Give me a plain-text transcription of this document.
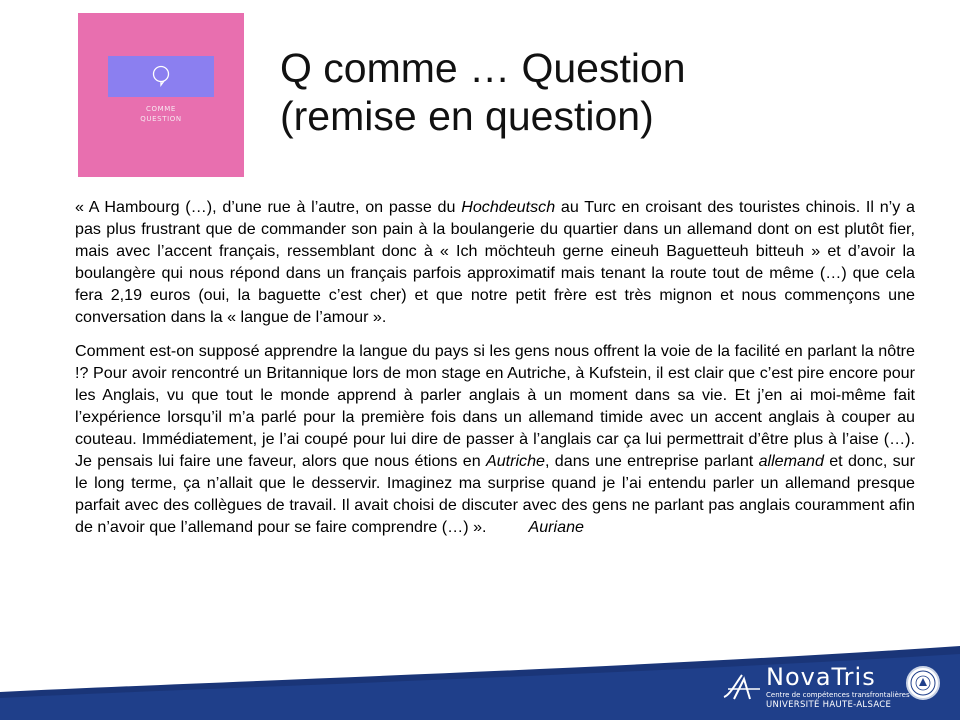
COMME
QUESTION
Q comme … Question
(remise en question)

« A Hambourg (…), d’une rue à l’autre, on passe du Hochdeutsch au Turc en croisant des touristes chinois. Il n’y a pas plus frustrant que de commander son pain à la boulangerie du quartier dans un allemand dont on est plutôt fier, mais avec l’accent français, ressemblant donc à « Ich möchteuh gerne eineuh Baguetteuh bitteuh » et d’avoir la boulangère qui nous répond dans un français parfois approximatif mais tenant la route tout de même (…) que cela fera 2,19 euros (oui, la baguette c’est cher) et que notre petit frère est très mignon et nous commençons une conversation dans la « langue de l’amour ».

Comment est-on supposé apprendre la langue du pays si les gens nous offrent la voie de la facilité en parlant la nôtre !? Pour avoir rencontré un Britannique lors de mon stage en Autriche, à Kufstein, il est clair que c’est pire encore pour les Anglais, vu que tout le monde apprend à parler anglais à un moment dans sa vie. Et j’en ai moi-même fait l’expérience lorsqu’il m’a parlé pour la première fois dans un allemand timide avec un accent anglais à couper au couteau. Immédiatement, je l’ai coupé pour lui dire de passer à l’anglais car ça lui permettrait d’être plus à l’aise (…). Je pensais lui faire une faveur, alors que nous étions en Autriche, dans une entreprise parlant allemand et donc, sur le long terme, ça n’allait que le desservir. Imaginez ma surprise quand je l’ai entendu parler un allemand presque parfait avec des collègues de travail. Il avait choisi de discuter avec des gens ne parlant pas anglais couramment afin de n’avoir que l’allemand pour se faire comprendre (…) ».	Auriane

NovaTris
Centre de compétences transfrontalières
UNIVERSITÉ HAUTE-ALSACE
